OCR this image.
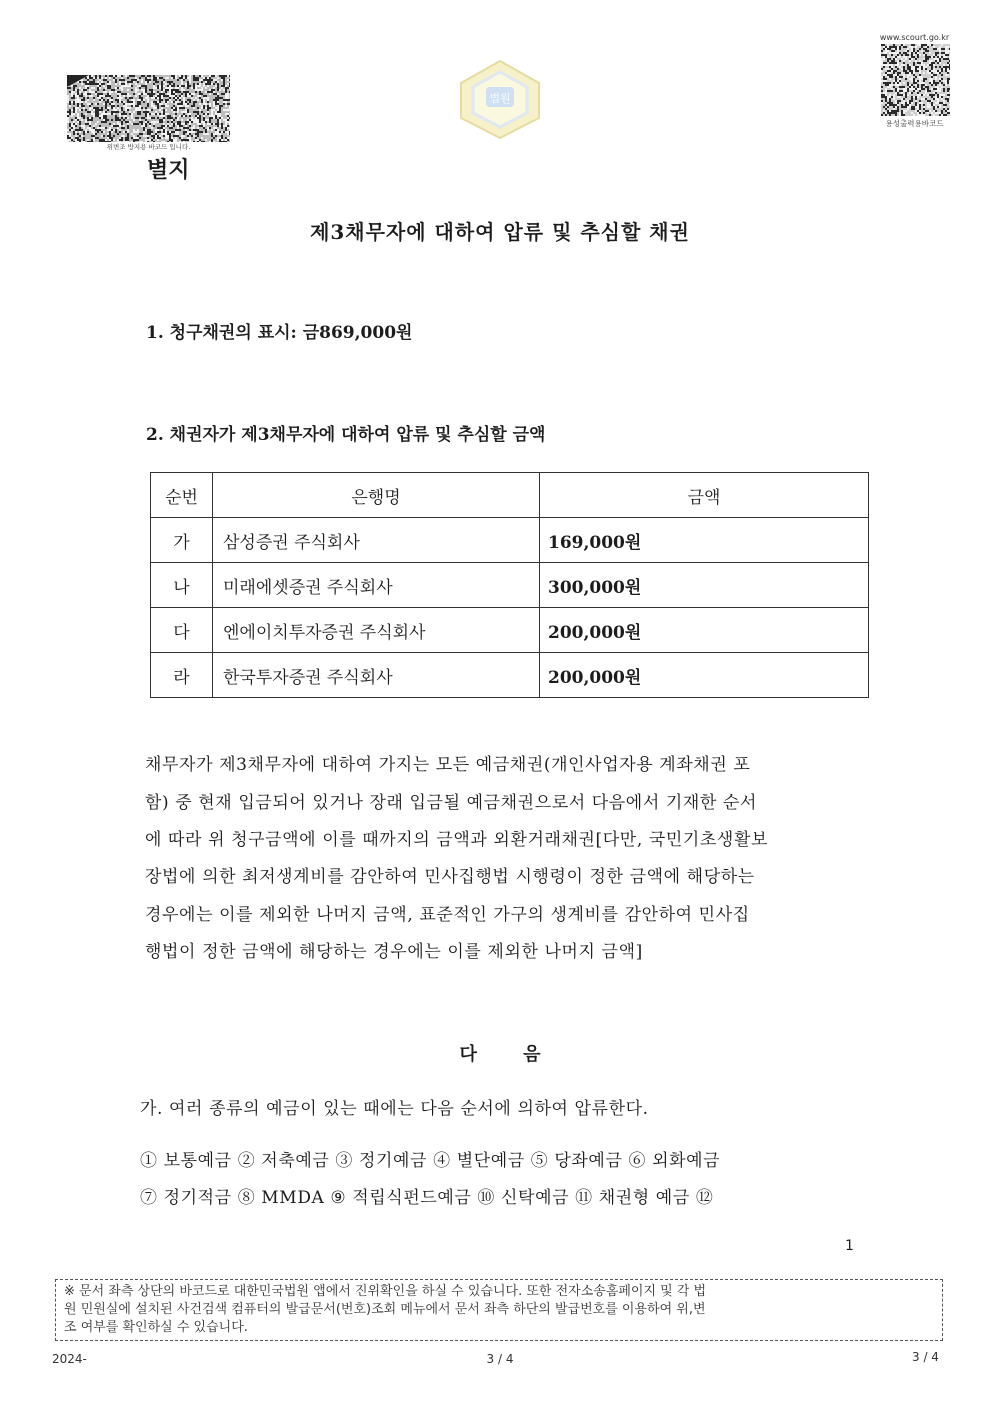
위변조 방지용 바코드 입니다.
법원
www.scourt.go.kr
용성출력용바코드
별지
제3채무자에 대하여 압류 및 추심할 채권
1. 청구채권의 표시: 금869,000원
2. 채권자가 제3채무자에 대하여 압류 및 추심할 금액
순번	은행명	금액
가	삼성증권 주식회사	169,000원
나	미래에셋증권 주식회사	300,000원
다	엔에이치투자증권 주식회사	200,000원
라	한국투자증권 주식회사	200,000원
채무자가 제3채무자에 대하여 가지는 모든 예금채권(개인사업자용 계좌채권 포
함) 중 현재 입금되어 있거나 장래 입금될 예금채권으로서 다음에서 기재한 순서
에 따라 위 청구금액에 이를 때까지의 금액과 외환거래채권[다만, 국민기초생활보
장법에 의한 최저생계비를 감안하여 민사집행법 시행령이 정한 금액에 해당하는
경우에는 이를 제외한 나머지 금액, 표준적인 가구의 생계비를 감안하여 민사집
행법이 정한 금액에 해당하는 경우에는 이를 제외한 나머지 금액]
다 음
가. 여러 종류의 예금이 있는 때에는 다음 순서에 의하여 압류한다.
① 보통예금 ② 저축예금 ③ 정기예금 ④ 별단예금 ⑤ 당좌예금 ⑥ 외화예금
⑦ 정기적금 ⑧ MMDA ⑨ 적립식펀드예금 ⑩ 신탁예금 ⑪ 채권형 예금 ⑫
1
※ 문서 좌측 상단의 바코드로 대한민국법원 앱에서 진위확인을 하실 수 있습니다. 또한 전자소송홈페이지 및 각 법
원 민원실에 설치된 사건검색 컴퓨터의 발급문서(번호)조회 메뉴에서 문서 좌측 하단의 발급번호를 이용하여 위,변
조 여부를 확인하실 수 있습니다.
2024-	3 / 4	3 / 4
